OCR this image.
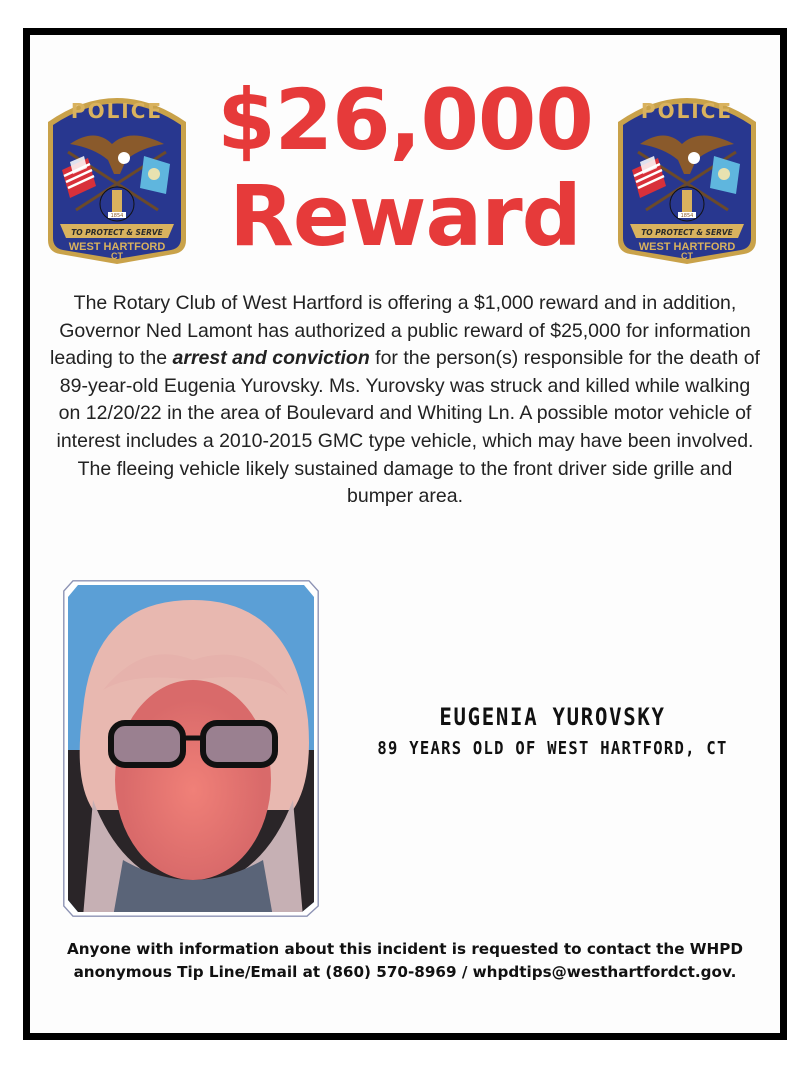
POLICE
1854
TO PROTECT & SERVE
WEST HARTFORD
CT
POLICE
1854
TO PROTECT & SERVE
WEST HARTFORD
CT
$26,000
Reward
The Rotary Club of West Hartford is offering a $1,000 reward and in addition, Governor Ned Lamont has authorized a public reward of $25,000 for information leading to the arrest and conviction for the person(s) responsible for the death of 89-year-old Eugenia Yurovsky. Ms. Yurovsky was struck and killed while walking on 12/20/22 in the area of Boulevard and Whiting Ln. A possible motor vehicle of interest includes a 2010-2015 GMC type vehicle, which may have been involved. The fleeing vehicle likely sustained damage to the front driver side grille and bumper area.
EUGENIA YUROVSKY
89 YEARS OLD OF WEST HARTFORD, CT
Anyone with information about this incident is requested to contact the WHPD
anonymous Tip Line/Email at (860) 570-8969 / whpdtips@westhartfordct.gov.
